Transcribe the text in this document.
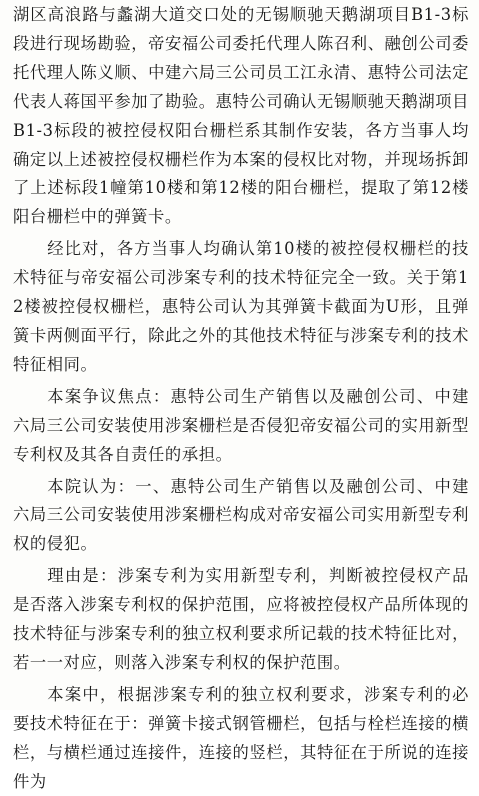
湖区高浪路与蠡湖大道交口处的无锡顺驰天鹅湖项目B1-3标段进行现场勘验，帝安福公司委托代理人陈召利、融创公司委托代理人陈义顺、中建六局三公司员工江永清、惠特公司法定代表人蒋国平参加了勘验。惠特公司确认无锡顺驰天鹅湖项目B1-3标段的被控侵权阳台栅栏系其制作安装，各方当事人均确定以上述被控侵权栅栏作为本案的侵权比对物，并现场拆卸了上述标段1幢第10楼和第12楼的阳台栅栏，提取了第12楼阳台栅栏中的弹簧卡。

经比对，各方当事人均确认第10楼的被控侵权栅栏的技术特征与帝安福公司涉案专利的技术特征完全一致。关于第12楼被控侵权栅栏，惠特公司认为其弹簧卡截面为U形，且弹簧卡两侧面平行，除此之外的其他技术特征与涉案专利的技术特征相同。

本案争议焦点：惠特公司生产销售以及融创公司、中建六局三公司安装使用涉案栅栏是否侵犯帝安福公司的实用新型专利权及其各自责任的承担。

本院认为：一、惠特公司生产销售以及融创公司、中建六局三公司安装使用涉案栅栏构成对帝安福公司实用新型专利权的侵犯。

理由是：涉案专利为实用新型专利，判断被控侵权产品是否落入涉案专利权的保护范围，应将被控侵权产品所体现的技术特征与涉案专利的独立权利要求所记载的技术特征比对，若一一对应，则落入涉案专利权的保护范围。

本案中，根据涉案专利的独立权利要求，涉案专利的必要技术特征在于：弹簧卡接式钢管栅栏，包括与栓栏连接的横栏，与横栏通过连接件，连接的竖栏，其特征在于所说的连接件为
